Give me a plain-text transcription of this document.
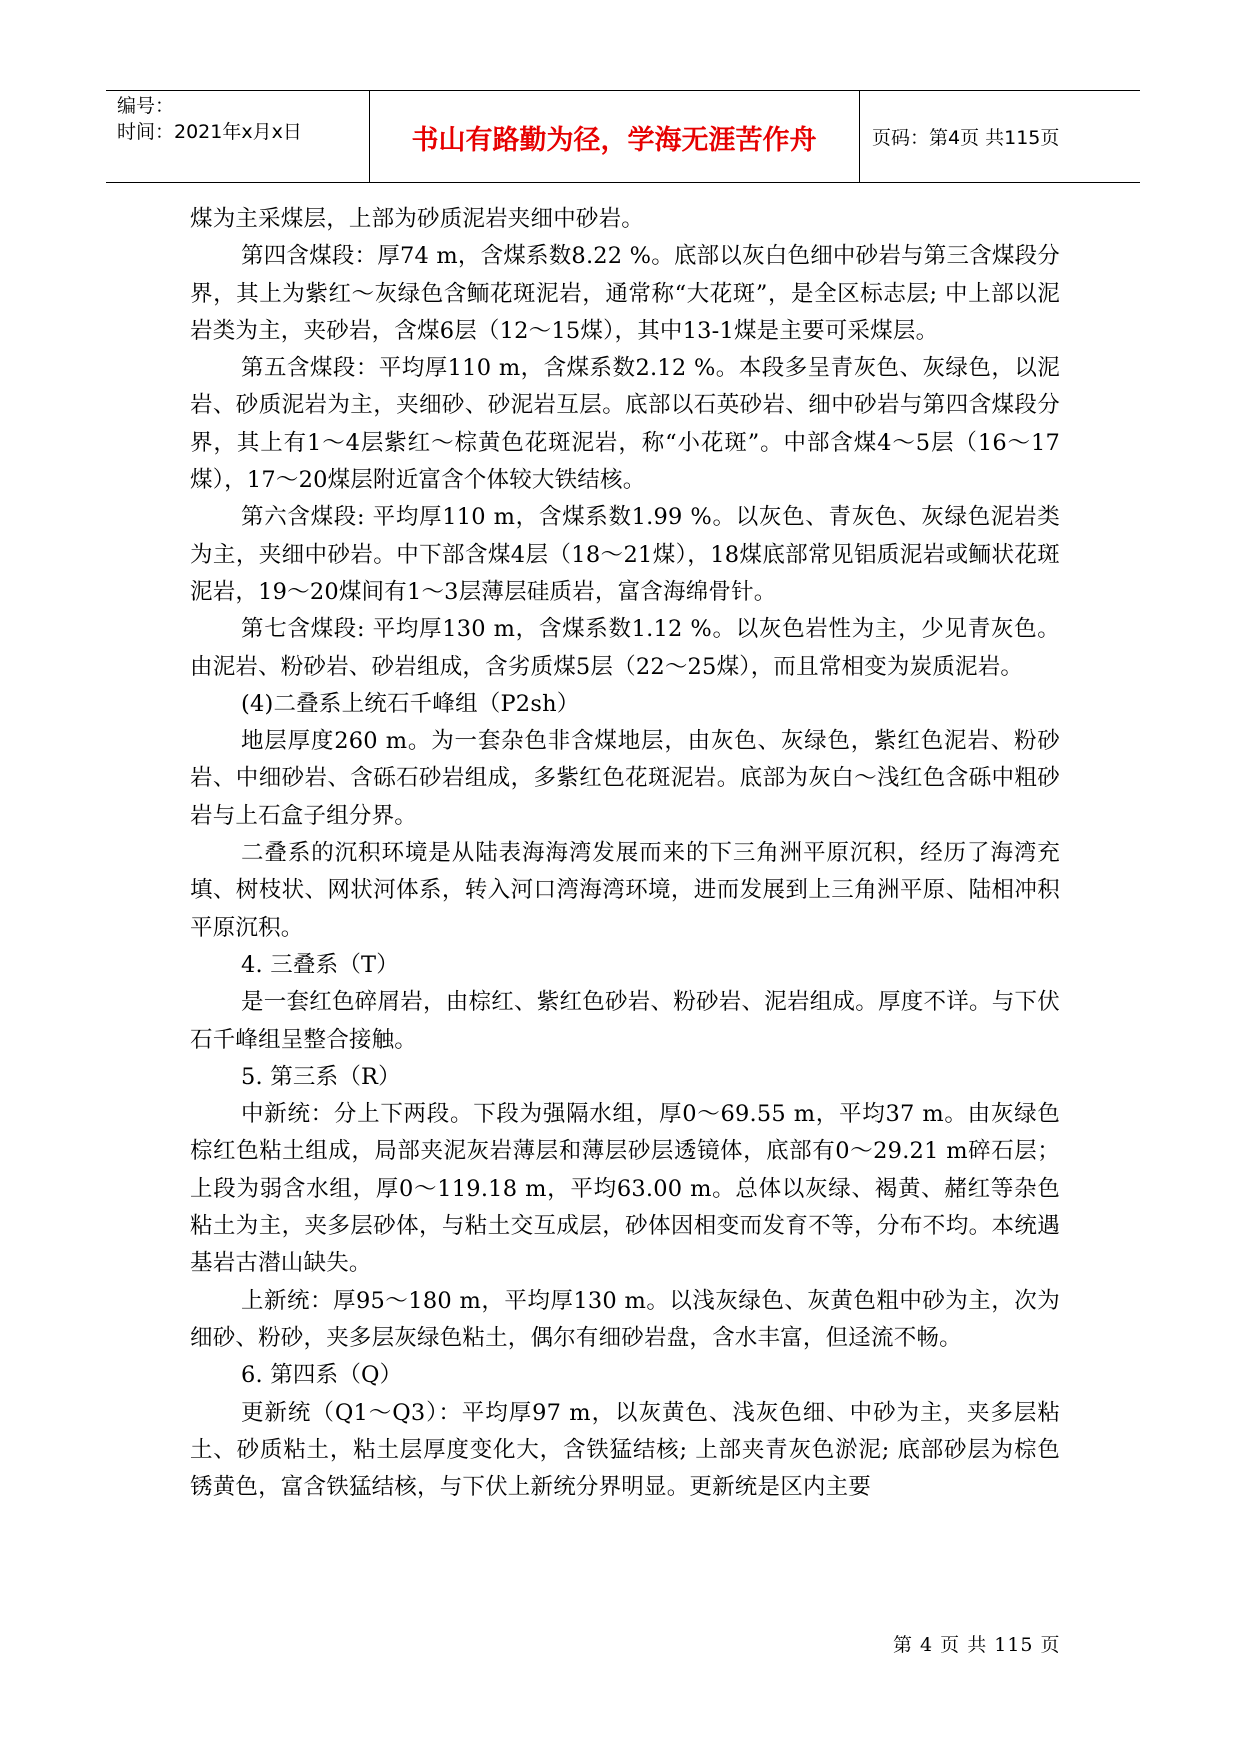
编号：
时间：2021年x月x日	书山有路勤为径，学海无涯苦作舟	页码：第4页 共115页

煤为主采煤层，上部为砂质泥岩夹细中砂岩。

第四含煤段：厚74 m，含煤系数8.22 %。底部以灰白色细中砂岩与第三含煤段分界，其上为紫红～灰绿色含鲕花斑泥岩，通常称“大花斑”，是全区标志层; 中上部以泥岩类为主，夹砂岩，含煤6层（12～15煤），其中13-1煤是主要可采煤层。

第五含煤段：平均厚110 m，含煤系数2.12 %。本段多呈青灰色、灰绿色，以泥岩、砂质泥岩为主，夹细砂、砂泥岩互层。底部以石英砂岩、细中砂岩与第四含煤段分界，其上有1～4层紫红～棕黄色花斑泥岩，称“小花斑”。中部含煤4～5层（16～17煤），17～20煤层附近富含个体较大铁结核。

第六含煤段: 平均厚110 m，含煤系数1.99 %。以灰色、青灰色、灰绿色泥岩类为主，夹细中砂岩。中下部含煤4层（18～21煤），18煤底部常见铝质泥岩或鲕状花斑泥岩，19～20煤间有1～3层薄层硅质岩，富含海绵骨针。

第七含煤段: 平均厚130 m，含煤系数1.12 %。以灰色岩性为主，少见青灰色。由泥岩、粉砂岩、砂岩组成，含劣质煤5层（22～25煤），而且常相变为炭质泥岩。

(4)二叠系上统石千峰组（P2sh）

地层厚度260 m。为一套杂色非含煤地层，由灰色、灰绿色，紫红色泥岩、粉砂岩、中细砂岩、含砾石砂岩组成，多紫红色花斑泥岩。底部为灰白～浅红色含砾中粗砂岩与上石盒子组分界。

二叠系的沉积环境是从陆表海海湾发展而来的下三角洲平原沉积，经历了海湾充填、树枝状、网状河体系，转入河口湾海湾环境，进而发展到上三角洲平原、陆相冲积平原沉积。

4. 三叠系（T）

是一套红色碎屑岩，由棕红、紫红色砂岩、粉砂岩、泥岩组成。厚度不详。与下伏石千峰组呈整合接触。

5. 第三系（R）

中新统：分上下两段。下段为强隔水组，厚0～69.55 m，平均37 m。由灰绿色棕红色粘土组成，局部夹泥灰岩薄层和薄层砂层透镜体，底部有0～29.21 m碎石层；上段为弱含水组，厚0～119.18 m，平均63.00 m。总体以灰绿、褐黄、赭红等杂色粘土为主，夹多层砂体，与粘土交互成层，砂体因相变而发育不等，分布不均。本统遇基岩古潜山缺失。

上新统：厚95～180 m，平均厚130 m。以浅灰绿色、灰黄色粗中砂为主，次为细砂、粉砂，夹多层灰绿色粘土，偶尔有细砂岩盘，含水丰富，但迳流不畅。

6. 第四系（Q）

更新统（Q1～Q3）：平均厚97 m，以灰黄色、浅灰色细、中砂为主，夹多层粘土、砂质粘土，粘土层厚度变化大，含铁猛结核; 上部夹青灰色淤泥; 底部砂层为棕色锈黄色，富含铁猛结核，与下伏上新统分界明显。更新统是区内主要

第 4 页 共 115 页
